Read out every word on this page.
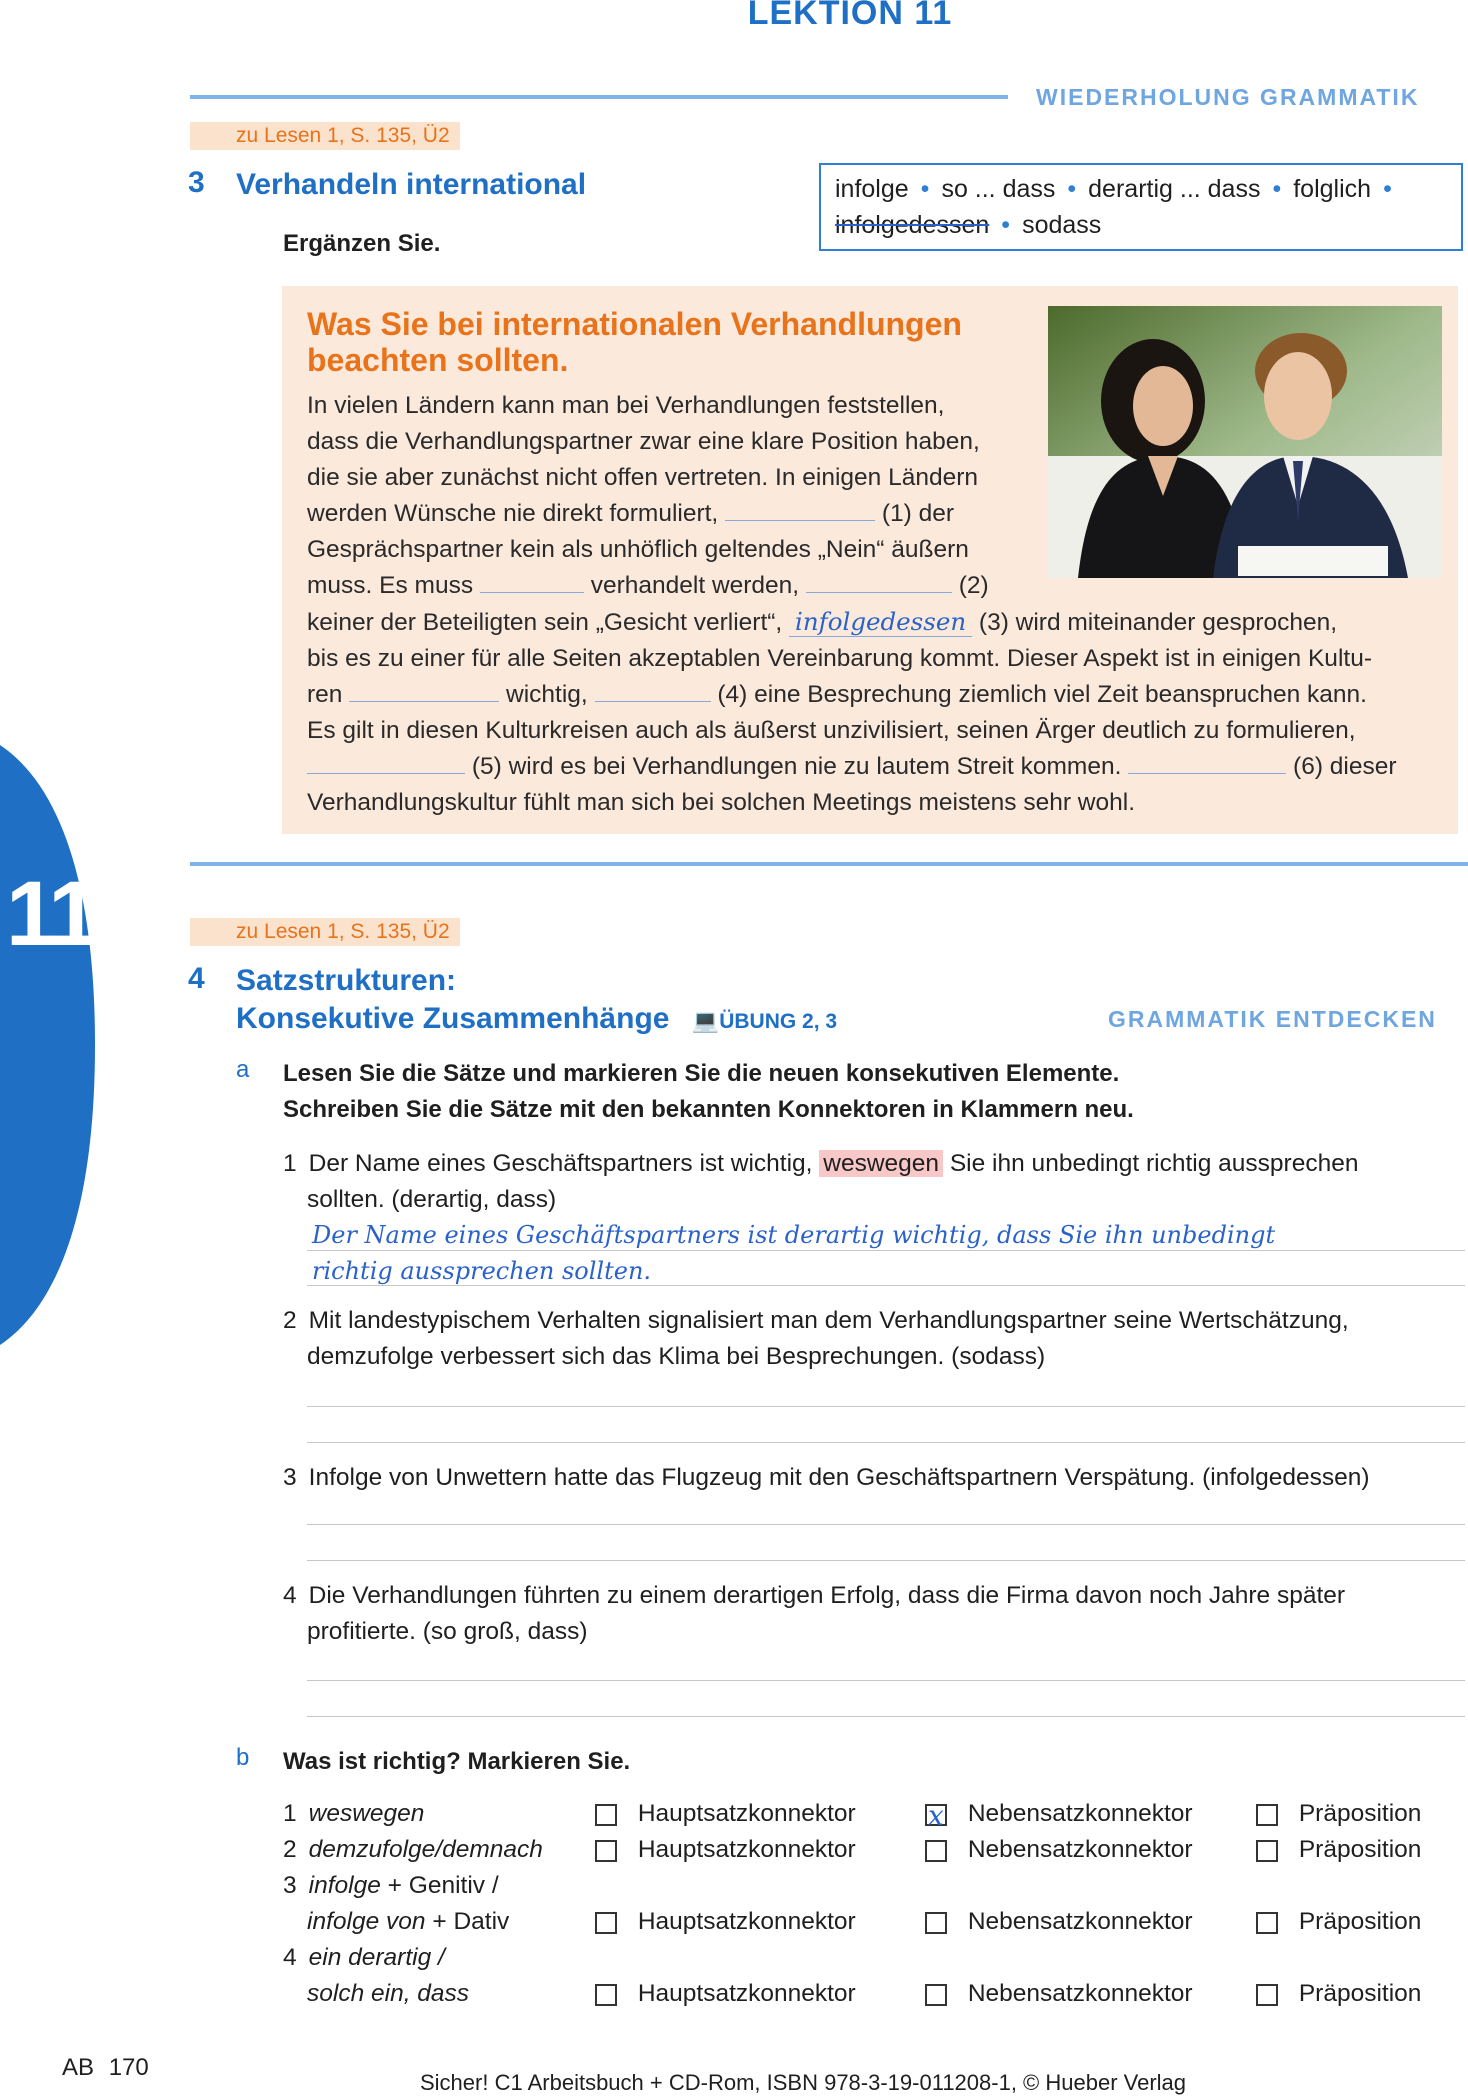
11
LEKTION 11
WIEDERHOLUNG GRAMMATIK
zu Lesen 1, S. 135, Ü2
3 Verhandeln international
Ergänzen Sie.
infolge • so ... dass • derartig ... dass • folglich •
infolgedessen • sodass
Was Sie bei internationalen Verhandlungen
beachten sollten.
In vielen Ländern kann man bei Verhandlungen feststellen,
dass die Verhandlungspartner zwar eine klare Position haben,
die sie aber zunächst nicht offen vertreten. In einigen Ländern
werden Wünsche nie direkt formuliert,	(1) der
Gesprächspartner kein als unhöflich geltendes „Nein“ äußern
muss. Es muss	verhandelt werden,	(2)
keiner der Beteiligten sein „Gesicht verliert“, infolgedessen (3) wird miteinander gesprochen,
bis es zu einer für alle Seiten akzeptablen Vereinbarung kommt. Dieser Aspekt ist in einigen Kultu-
ren	wichtig,	(4) eine Besprechung ziemlich viel Zeit beanspruchen kann.
Es gilt in diesen Kulturkreisen auch als äußerst unzivilisiert, seinen Ärger deutlich zu formulieren,
(5) wird es bei Verhandlungen nie zu lautem Streit kommen.	(6) dieser
Verhandlungskultur fühlt man sich bei solchen Meetings meistens sehr wohl.
zu Lesen 1, S. 135, Ü2
4 Satzstrukturen:
Konsekutive Zusammenhänge 💻ÜBUNG 2, 3	GRAMMATIK ENTDECKEN
a Lesen Sie die Sätze und markieren Sie die neuen konsekutiven Elemente.
Schreiben Sie die Sätze mit den bekannten Konnektoren in Klammern neu.
1 Der Name eines Geschäftspartners ist wichtig, weswegen Sie ihn unbedingt richtig aussprechen
sollten. (derartig, dass)
Der Name eines Geschäftspartners ist derartig wichtig, dass Sie ihn unbedingt
richtig aussprechen sollten.
2 Mit landestypischem Verhalten signalisiert man dem Verhandlungspartner seine Wertschätzung,
demzufolge verbessert sich das Klima bei Besprechungen. (sodass)
3 Infolge von Unwettern hatte das Flugzeug mit den Geschäftspartnern Verspätung. (infolgedessen)
4 Die Verhandlungen führten zu einem derartigen Erfolg, dass die Firma davon noch Jahre später
profitierte. (so groß, dass)
b Was ist richtig? Markieren Sie.
1 weswegen	Hauptsatzkonnektor	x Nebensatzkonnektor	Präposition
2 demzufolge/demnach	Hauptsatzkonnektor	Nebensatzkonnektor	Präposition
3 infolge + Genitiv /
infolge von + Dativ	Hauptsatzkonnektor	Nebensatzkonnektor	Präposition
4 ein derartig /
solch ein, dass	Hauptsatzkonnektor	Nebensatzkonnektor	Präposition
AB 170
Sicher! C1 Arbeitsbuch + CD-Rom, ISBN 978-3-19-011208-1, © Hueber Verlag
